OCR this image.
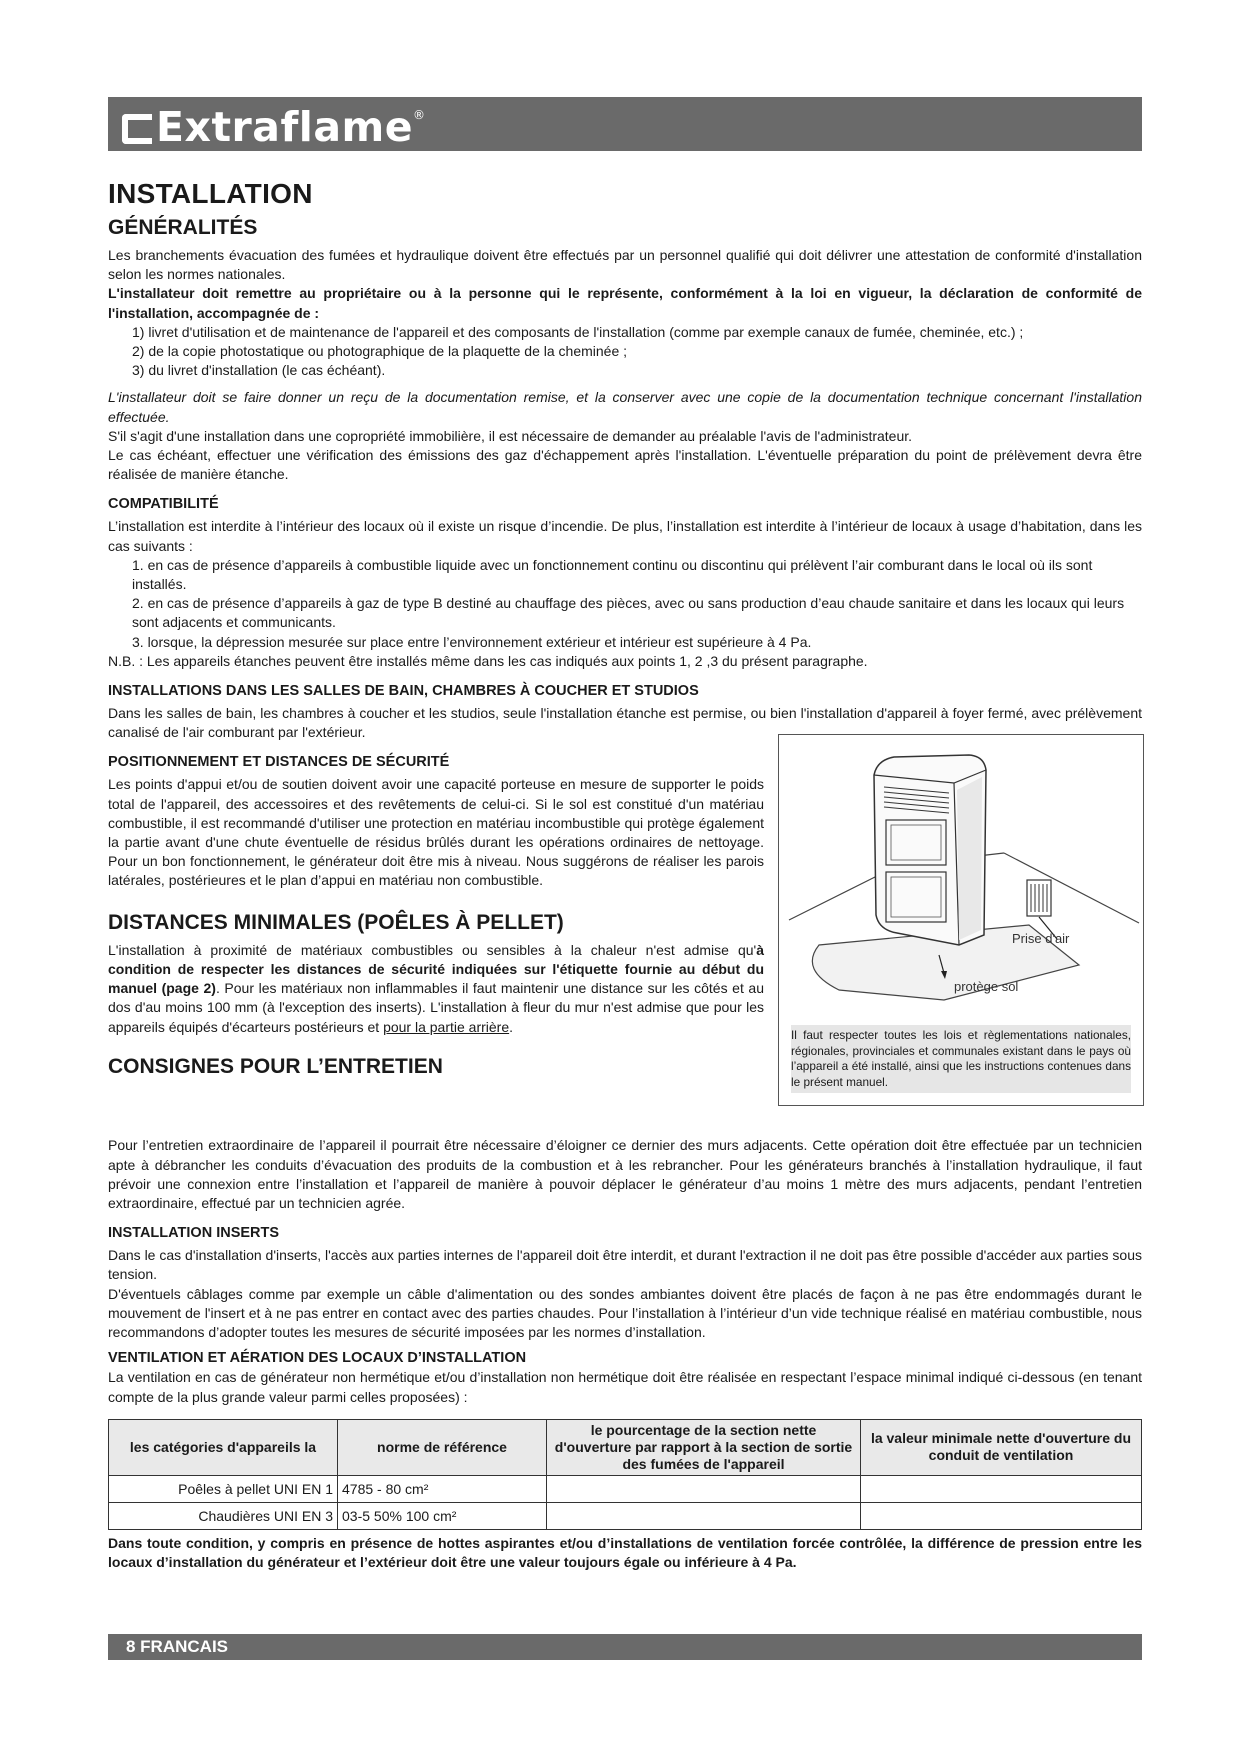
Extraflame®
INSTALLATION
GÉNÉRALITÉS

Les branchements évacuation des fumées et hydraulique doivent être effectués par un personnel qualifié qui doit délivrer une attestation de conformité d'installation selon les normes nationales.

L'installateur doit remettre au propriétaire ou à la personne qui le représente, conformément à la loi en vigueur, la déclaration de conformité de l'installation, accompagnée de :

1) livret d'utilisation et de maintenance de l'appareil et des composants de l'installation (comme par exemple canaux de fumée, cheminée, etc.) ;

2) de la copie photostatique ou photographique de la plaquette de la cheminée ;

3) du livret d'installation (le cas échéant).

L'installateur doit se faire donner un reçu de la documentation remise, et la conserver avec une copie de la documentation technique concernant l'installation effectuée.

S'il s'agit d'une installation dans une copropriété immobilière, il est nécessaire de demander au préalable l'avis de l'administrateur.

Le cas échéant, effectuer une vérification des émissions des gaz d'échappement après l'installation. L'éventuelle préparation du point de prélèvement devra être réalisée de manière étanche.

COMPATIBILITÉ

L’installation est interdite à l’intérieur des locaux où il existe un risque d’incendie. De plus, l’installation est interdite à l’intérieur de locaux à usage d’habitation, dans les cas suivants :

1. en cas de présence d’appareils à combustible liquide avec un fonctionnement continu ou discontinu qui prélèvent l’air comburant dans le local où ils sont installés.

2. en cas de présence d’appareils à gaz de type B destiné au chauffage des pièces, avec ou sans production d’eau chaude sanitaire et dans les locaux qui leurs sont adjacents et communicants.

3. lorsque, la dépression mesurée sur place entre l’environnement extérieur et intérieur est supérieure à 4 Pa.

N.B. : Les appareils étanches peuvent être installés même dans les cas indiqués aux points 1, 2 ,3 du présent paragraphe.

INSTALLATIONS DANS LES SALLES DE BAIN, CHAMBRES À COUCHER ET STUDIOS

Dans les salles de bain, les chambres à coucher et les studios, seule l'installation étanche est permise, ou bien l'installation d'appareil à foyer fermé, avec prélèvement canalisé de l'air comburant par l'extérieur.

POSITIONNEMENT ET DISTANCES DE SÉCURITÉ

Les points d'appui et/ou de soutien doivent avoir une capacité porteuse en mesure de supporter le poids total de l'appareil, des accessoires et des revêtements de celui-ci. Si le sol est constitué d'un matériau combustible, il est recommandé d'utiliser une protection en matériau incombustible qui protège également la partie avant d'une chute éventuelle de résidus brûlés durant les opérations ordinaires de nettoyage. Pour un bon fonctionnement, le générateur doit être mis à niveau. Nous suggérons de réaliser les parois latérales, postérieures et le plan d’appui en matériau non combustible.

DISTANCES MINIMALES (POÊLES À PELLET)

L'installation à proximité de matériaux combustibles ou sensibles à la chaleur n'est admise qu'à condition de respecter les distances de sécurité indiquées sur l'étiquette fournie au début du manuel (page 2). Pour les matériaux non inflammables il faut maintenir une distance sur les côtés et au dos d'au moins 100 mm (à l'exception des inserts). L'installation à fleur du mur n'est admise que pour les appareils équipés d'écarteurs postérieurs et pour la partie arrière.

CONSIGNES POUR L’ENTRETIEN
Prise d'air
protège sol
Il faut respecter toutes les lois et règlementations nationales, régionales, provinciales et communales existant dans le pays où l’appareil a été installé, ainsi que les instructions contenues dans le présent manuel.

Pour l’entretien extraordinaire de l’appareil il pourrait être nécessaire d’éloigner ce dernier des murs adjacents. Cette opération doit être effectuée par un technicien apte à débrancher les conduits d’évacuation des produits de la combustion et à les rebrancher. Pour les générateurs branchés à l’installation hydraulique, il faut prévoir une connexion entre l’installation et l’appareil de manière à pouvoir déplacer le générateur d’au moins 1 mètre des murs adjacents, pendant l’entretien extraordinaire, effectué par un technicien agrée.

INSTALLATION INSERTS

Dans le cas d'installation d'inserts, l'accès aux parties internes de l'appareil doit être interdit, et durant l'extraction il ne doit pas être possible d'accéder aux parties sous tension.

D'éventuels câblages comme par exemple un câble d'alimentation ou des sondes ambiantes doivent être placés de façon à ne pas être endommagés durant le mouvement de l'insert et à ne pas entrer en contact avec des parties chaudes. Pour l’installation à l’intérieur d’un vide technique réalisé en matériau combustible, nous recommandons d’adopter toutes les mesures de sécurité imposées par les normes d’installation.

VENTILATION ET AÉRATION DES LOCAUX D’INSTALLATION

La ventilation en cas de générateur non hermétique et/ou d’installation non hermétique doit être réalisée en respectant l’espace minimal indiqué ci-dessous (en tenant compte de la plus grande valeur parmi celles proposées) :

les catégories d'appareils la	norme de référence	le pourcentage de la section nette d'ouverture par rapport à la section de sortie des fumées de l'appareil	la valeur minimale nette d'ouverture du conduit de ventilation
Poêles à pellet UNI EN 1	4785 - 80 cm²		
Chaudières UNI EN 3	03-5 50% 100 cm²		

Dans toute condition, y compris en présence de hottes aspirantes et/ou d’installations de ventilation forcée contrôlée, la différence de pression entre les locaux d’installation du générateur et l’extérieur doit être une valeur toujours égale ou inférieure à 4 Pa.

8 FRANCAIS
